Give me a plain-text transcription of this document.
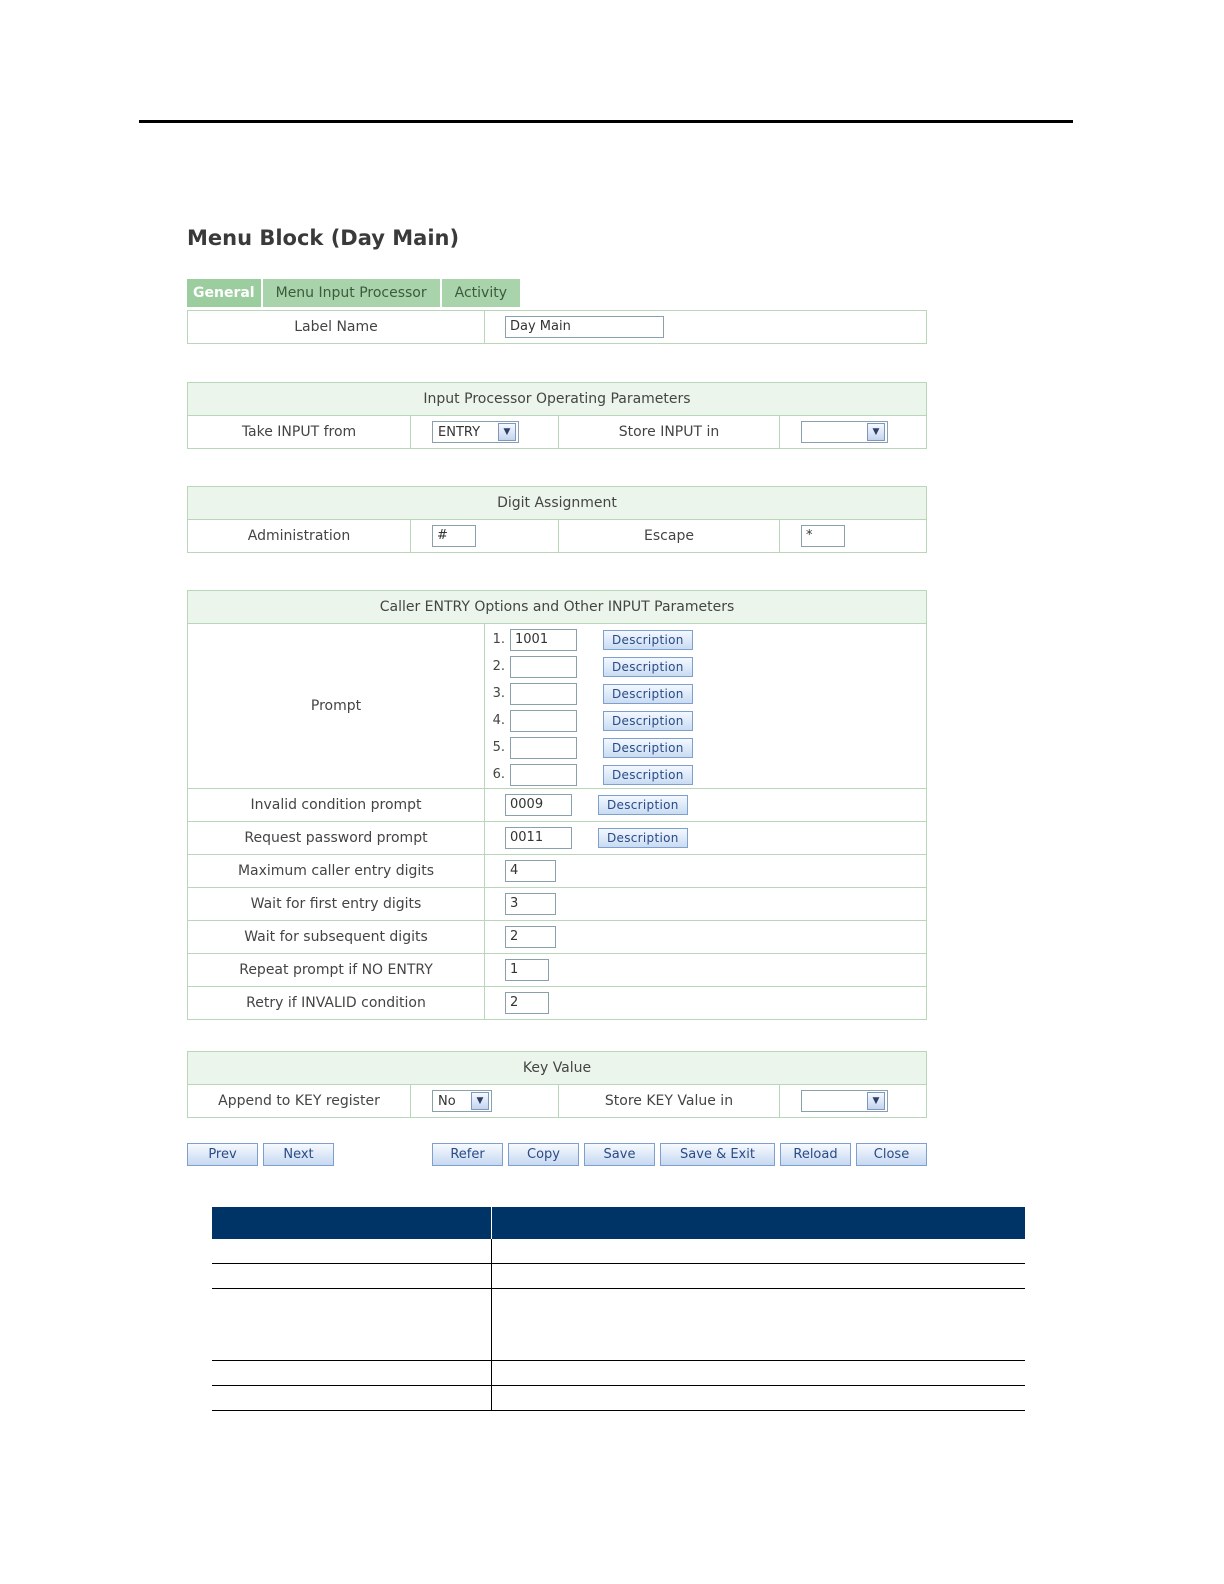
Menu Block (Day Main)
General	Menu Input Processor	Activity
Label Name	Day Main
Input Processor Operating Parameters
Take INPUT from	ENTRY	▼	Store INPUT in	▼
Digit Assignment
Administration	#	Escape	*
Caller ENTRY Options and Other INPUT Parameters
Prompt
1. 1001	Description
2.	Description
3.	Description
4.	Description
5.	Description
6.	Description
Invalid condition prompt	0009	Description
Request password prompt	0011	Description
Maximum caller entry digits	4
Wait for first entry digits	3
Wait for subsequent digits	2
Repeat prompt if NO ENTRY	1
Retry if INVALID condition	2
Key Value
Append to KEY register	No	▼	Store KEY Value in	▼
Prev	Next	Refer	Copy	Save	Save & Exit	Reload	Close
